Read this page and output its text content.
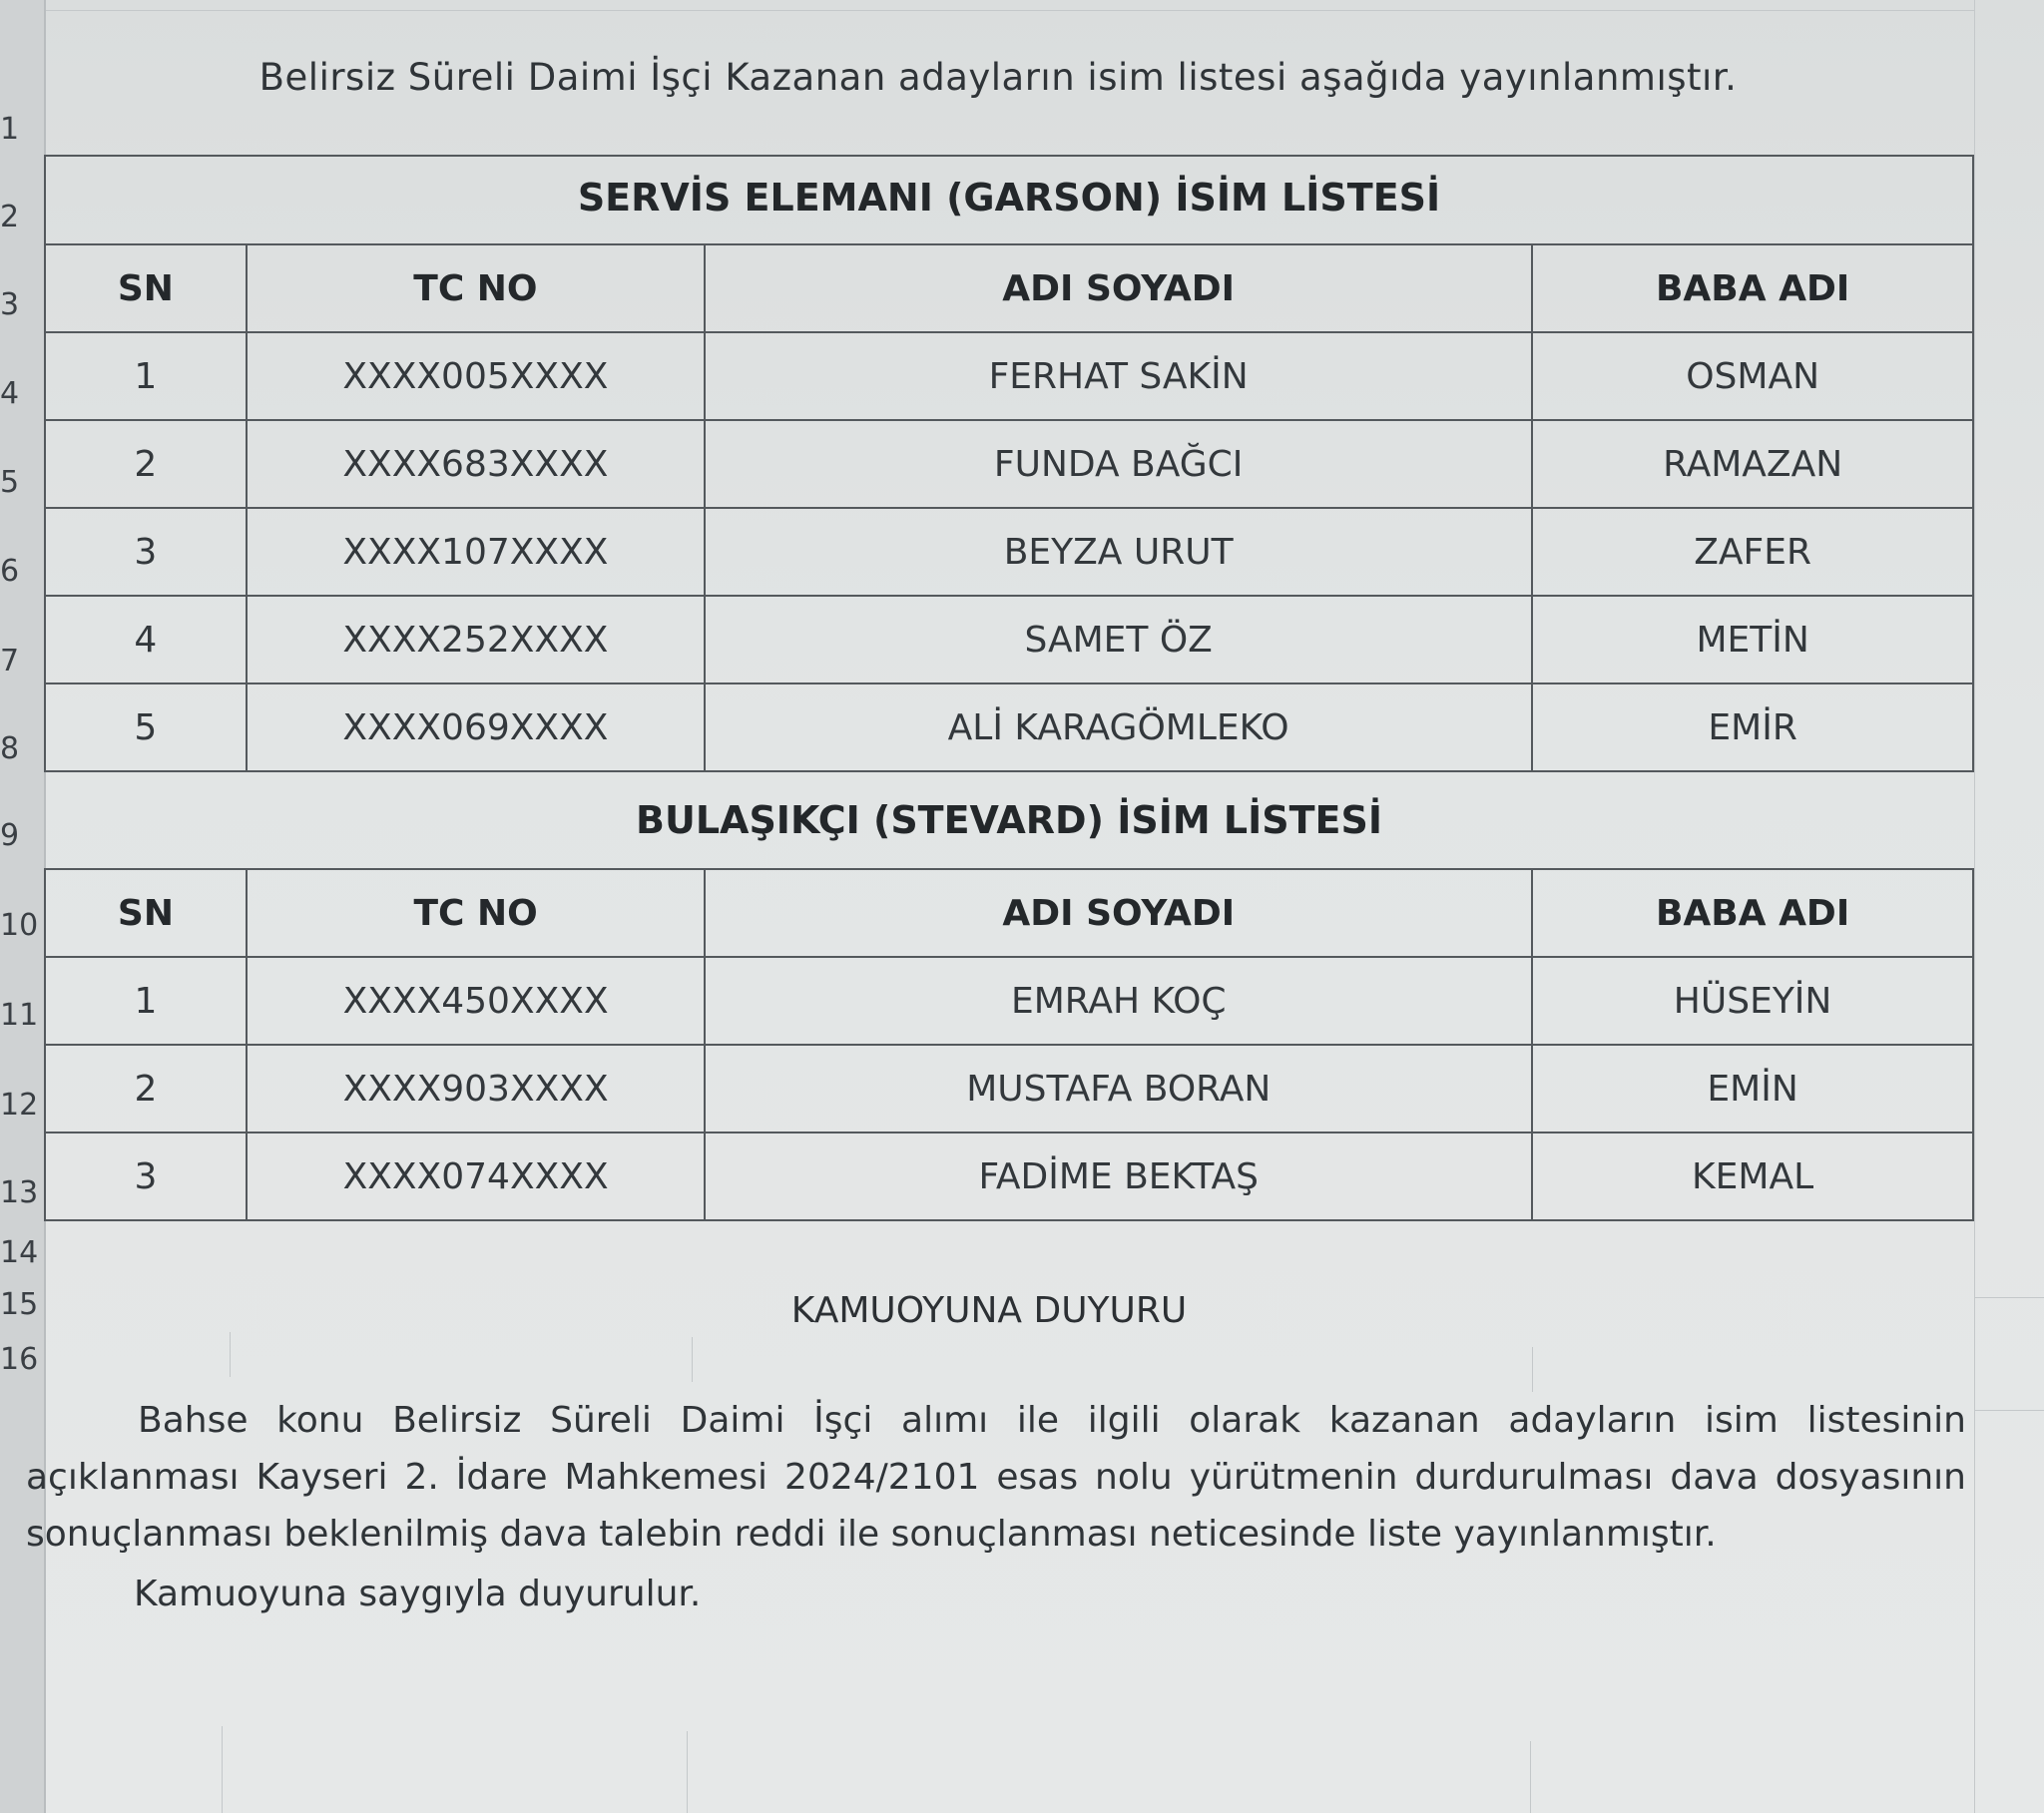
1
2
3
4
5
6
7
8
9
10
11
12
13
14
15
16
Belirsiz Süreli Daimi İşçi Kazanan adayların isim listesi aşağıda yayınlanmıştır.
SERVİS ELEMANI (GARSON) İSİM LİSTESİ
SN	TC NO	ADI SOYADI	BABA ADI
1	XXXX005XXXX	FERHAT SAKİN	OSMAN
2	XXXX683XXXX	FUNDA BAĞCI	RAMAZAN
3	XXXX107XXXX	BEYZA URUT	ZAFER
4	XXXX252XXXX	SAMET ÖZ	METİN
5	XXXX069XXXX	ALİ KARAGÖMLEKO	EMİR
BULAŞIKÇI (STEVARD) İSİM LİSTESİ
SN	TC NO	ADI SOYADI	BABA ADI
1	XXXX450XXXX	EMRAH KOÇ	HÜSEYİN
2	XXXX903XXXX	MUSTAFA BORAN	EMİN
3	XXXX074XXXX	FADİME BEKTAŞ	KEMAL
KAMUOYUNA DUYURU

Bahse konu Belirsiz Süreli Daimi İşçi alımı ile ilgili olarak kazanan adayların isim listesinin açıklanması Kayseri 2. İdare Mahkemesi 2024/2101 esas nolu yürütmenin durdurulması dava dosyasının sonuçlanması beklenilmiş dava talebin reddi ile sonuçlanması neticesinde liste yayınlanmıştır.

Kamuoyuna saygıyla duyurulur.
